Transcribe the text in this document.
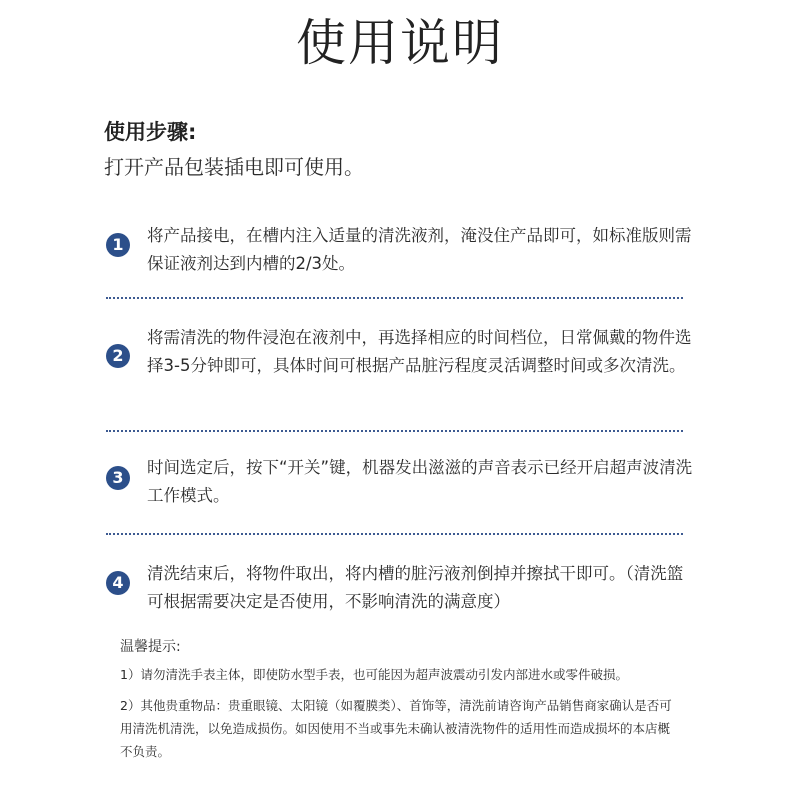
使用说明
使用步骤:
打开产品包装插电即可使用。
1	将产品接电，在槽内注入适量的清洗液剂，淹没住产品即可，如标准版则需保证液剂达到内槽的2/3处。
2
将需清洗的物件浸泡在液剂中，再选择相应的时间档位，日常佩戴的物件选择3-5分钟即可，具体时间可根据产品脏污程度灵活调整时间或多次清洗。
3
时间选定后，按下“开关”键，机器发出滋滋的声音表示已经开启超声波清洗工作模式。
4	清洗结束后，将物件取出，将内槽的脏污液剂倒掉并擦拭干即可。（清洗篮可根据需要决定是否使用，不影响清洗的满意度）
温馨提示:
1）请勿清洗手表主体，即使防水型手表，也可能因为超声波震动引发内部进水或零件破损。
2）其他贵重物品：贵重眼镜、太阳镜（如覆膜类）、首饰等，清洗前请咨询产品销售商家确认是否可用清洗机清洗，以免造成损伤。如因使用不当或事先未确认被清洗物件的适用性而造成损坏的本店概不负责。
